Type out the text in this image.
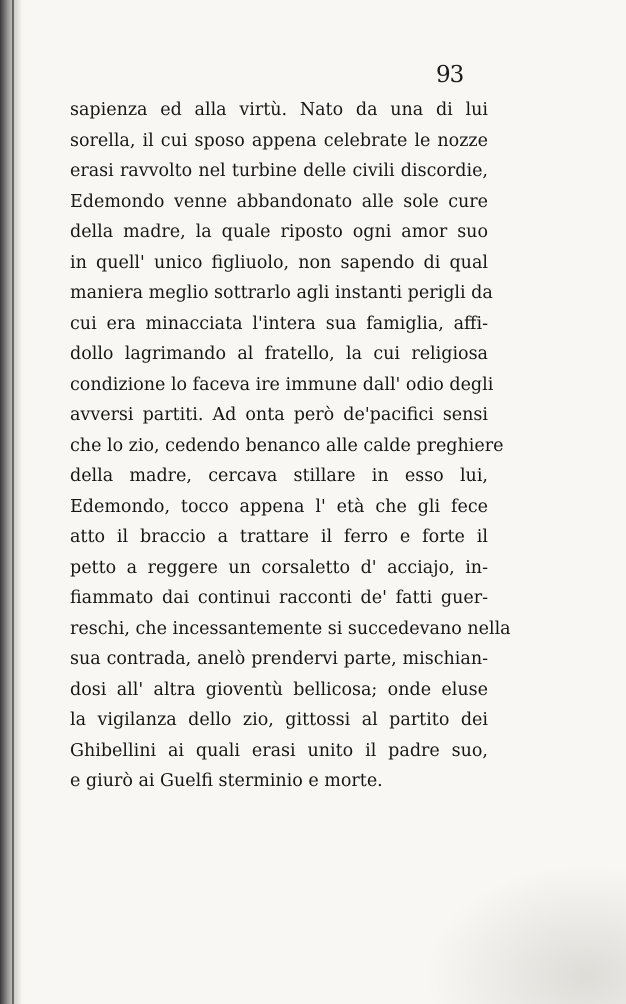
93
sapienza ed alla virtù. Nato da una di lui
sorella, il cui sposo appena celebrate le nozze
erasi ravvolto nel turbine delle civili discordie,
Edemondo venne abbandonato alle sole cure
della madre, la quale riposto ogni amor suo
in quell' unico figliuolo, non sapendo di qual
maniera meglio sottrarlo agli instanti perigli da
cui era minacciata l'intera sua famiglia, affi-
dollo lagrimando al fratello, la cui religiosa
condizione lo faceva ire immune dall' odio degli
avversi partiti. Ad onta però de'pacifici sensi
che lo zio, cedendo benanco alle calde preghiere
della madre, cercava stillare in esso lui,
Edemondo, tocco appena l' età che gli fece
atto il braccio a trattare il ferro e forte il
petto a reggere un corsaletto d' acciajo, in-
fiammato dai continui racconti de' fatti guer-
reschi, che incessantemente si succedevano nella
sua contrada, anelò prendervi parte, mischian-
dosi all' altra gioventù bellicosa; onde eluse
la vigilanza dello zio, gittossi al partito dei
Ghibellini ai quali erasi unito il padre suo,
e giurò ai Guelfi sterminio e morte.
